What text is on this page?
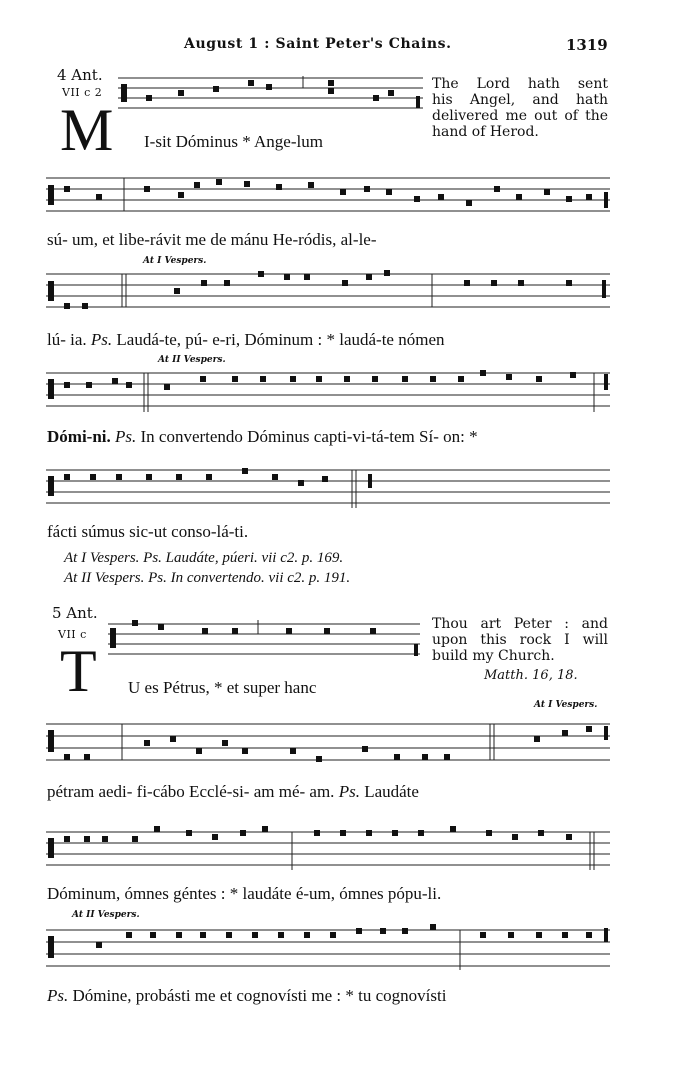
August 1 : Saint Peter's Chains.	1319
4 Ant.
VII c 2
M I-sit Dóminus * Ange-lum
The Lord hath sent
his Angel, and hath
delivered me out of the
hand of Herod.
sú- um, et libe-rávit me de mánu He-ródis, al-le-
At I Vespers.
lú- ia. Ps. Laudá-te, pú- e-ri, Dóminum : * laudá-te nómen
At II Vespers.
Dómi-ni. Ps. In convertendo Dóminus capti-vi-tá-tem Sí- on: *
fácti súmus sic-ut conso-lá-ti.
At I Vespers. Ps. Laudáte, púeri. vii c2. p. 169.
At II Vespers. Ps. In convertendo. vii c2. p. 191.
5 Ant.
VII c
T U es Pétrus, * et super hanc
Thou art Peter : and
upon this rock I will
build my Church.
Matth. 16, 18.
At I Vespers.
pétram aedi- fi-cábo Ecclé-si- am mé- am. Ps. Laudáte
Dóminum, ómnes géntes : * laudáte é-um, ómnes pópu-li.
At II Vespers.
Ps. Dómine, probásti me et cognovísti me : * tu cognovísti
